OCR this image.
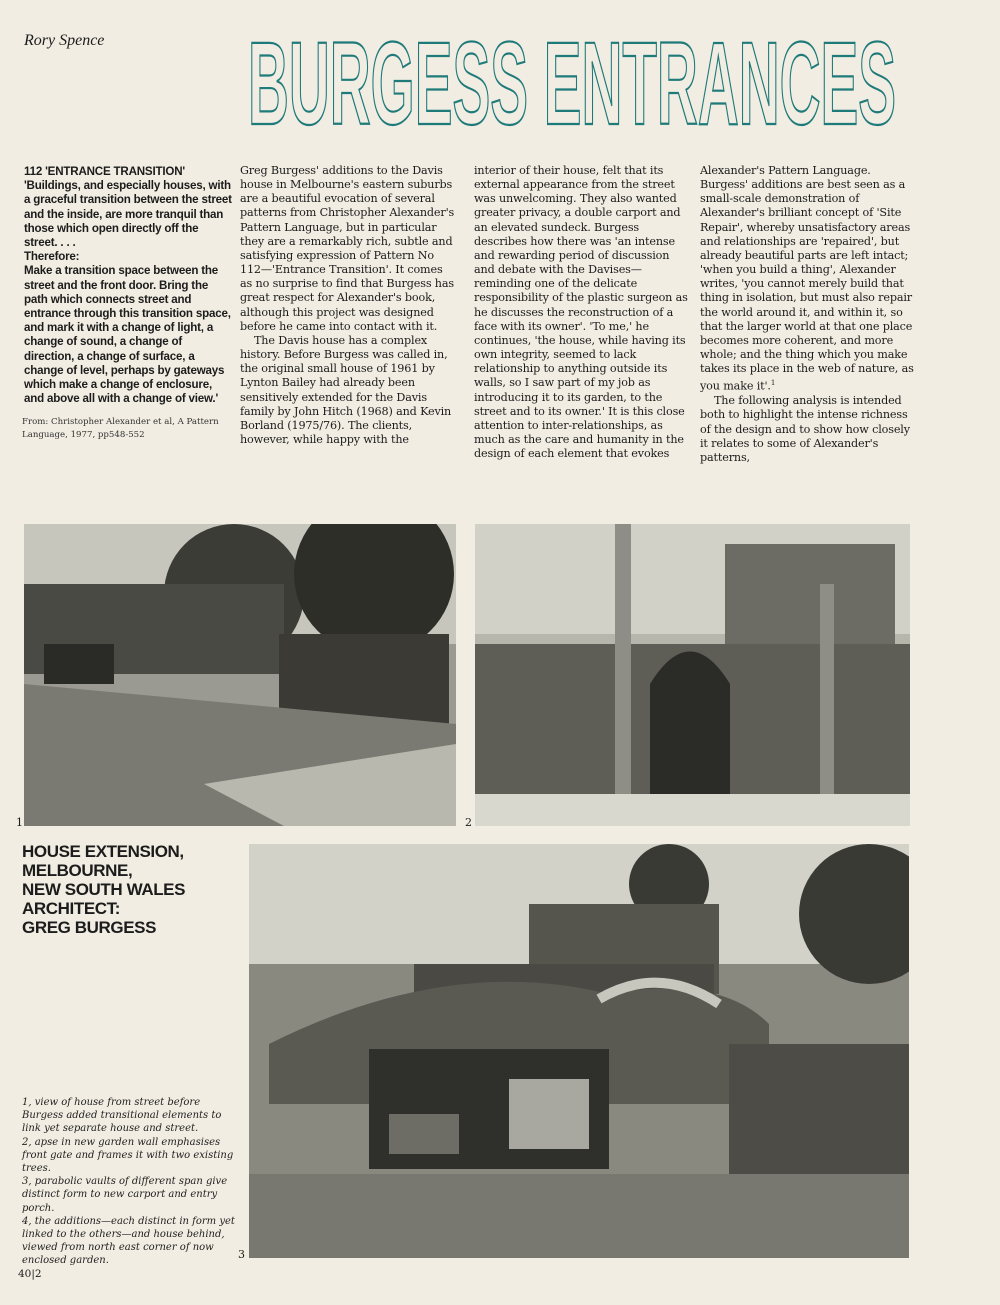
Rory Spence BURGESS ENTRANCES

112 'ENTRANCE TRANSITION'

'Buildings, and especially houses, with a graceful transition between the street and the inside, are more tranquil than those which open directly off the street. . . .

Therefore:

Make a transition space between the street and the front door. Bring the path which connects street and entrance through this transition space, and mark it with a change of light, a change of sound, a change of direction, a change of surface, a change of level, perhaps by gateways which make a change of enclosure, and above all with a change of view.'

From: Christopher Alexander et al, A Pattern Language, 1977, pp548-552

Greg Burgess' additions to the Davis house in Melbourne's eastern suburbs are a beautiful evocation of several patterns from Christopher Alexander's Pattern Language, but in particular they are a remarkably rich, subtle and satisfying expression of Pattern No 112—'Entrance Transition'. It comes as no surprise to find that Burgess has great respect for Alexander's book, although this project was designed before he came into contact with it.

The Davis house has a complex history. Before Burgess was called in, the original small house of 1961 by Lynton Bailey had already been sensitively extended for the Davis family by John Hitch (1968) and Kevin Borland (1975/76). The clients, however, while happy with the

interior of their house, felt that its external appearance from the street was unwelcoming. They also wanted greater privacy, a double carport and an elevated sundeck. Burgess describes how there was 'an intense and rewarding period of discussion and debate with the Davises—reminding one of the delicate responsibility of the plastic surgeon as he discusses the reconstruction of a face with its owner'. 'To me,' he continues, 'the house, while having its own integrity, seemed to lack relationship to anything outside its walls, so I saw part of my job as introducing it to its garden, to the street and to its owner.' It is this close attention to inter-relationships, as much as the care and humanity in the design of each element that evokes

Alexander's Pattern Language. Burgess' additions are best seen as a small-scale demonstration of Alexander's brilliant concept of 'Site Repair', whereby unsatisfactory areas and relationships are 'repaired', but already beautiful parts are left intact; 'when you build a thing', Alexander writes, 'you cannot merely build that thing in isolation, but must also repair the world around it, and within it, so that the larger world at that one place becomes more coherent, and more whole; and the thing which you make takes its place in the web of nature, as you make it'.$^1$

The following analysis is intended both to highlight the intense richness of the design and to show how closely it relates to some of Alexander's patterns,

1	2
HOUSE EXTENSION,
MELBOURNE,
NEW SOUTH WALES
ARCHITECT:
GREG BURGESS
3

1, view of house from street before Burgess added transitional elements to link yet separate house and street.

2, apse in new garden wall emphasises front gate and frames it with two existing trees.

3, parabolic vaults of different span give distinct form to new carport and entry porch.

4, the additions—each distinct in form yet linked to the others—and house behind, viewed from north east corner of now enclosed garden.

40|2
